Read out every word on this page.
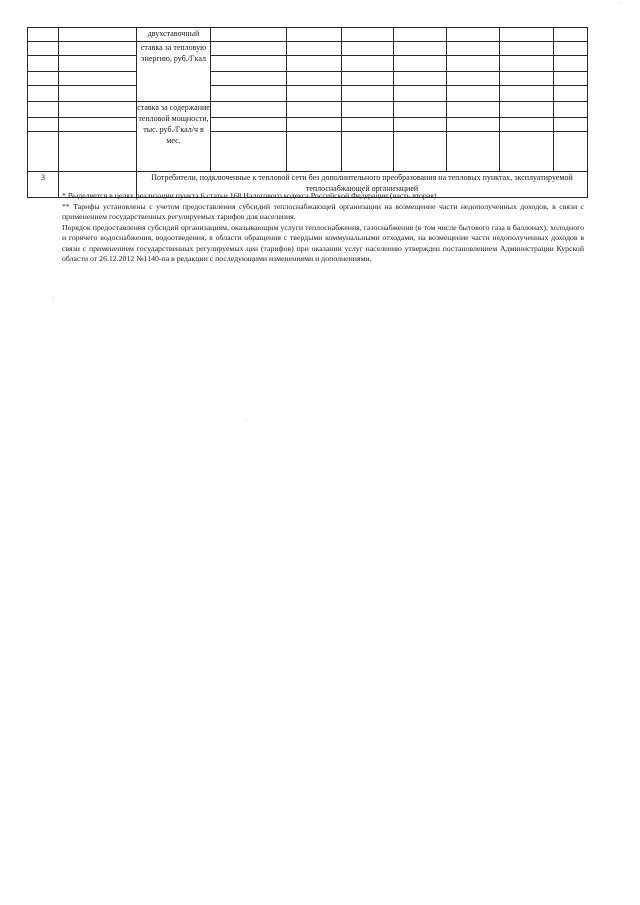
		двухставочный							
		ставка за тепловую энергию, руб./Гкал							

		ставка за содержание тепловой мощности, тыс. руб./Гкал/ч в мес.							

3		Потребители, подключенные к тепловой сети без дополнительного преобразования на тепловых пунктах, эксплуатируемой теплоснабжающей организацией							

* Выделяется в целях реализации пункта 6 статьи 168 Налогового кодекса Российской Федерации (часть вторая).

** Тарифы установлены с учетом предоставления субсидий теплоснабжающей организации на возмещение части недополученных доходов, в связи с применением государственных регулируемых тарифов для населения.

Порядок предоставления субсидий организациям, оказывающим услуги теплоснабжения, газоснабжения (в том числе бытового газа в баллонах), холодного и горячего водоснабжения, водоотведения, в области обращения с твердыми коммунальными отходами, на возмещение части недополученных доходов в связи с применением государственных регулируемых цен (тарифов) при оказании услуг населению утвержден постановлением Администрации Курской области от 26.12.2012 №1140-па в редакции с последующими изменениями и дополнениями.

ˈ
·
ˈ
